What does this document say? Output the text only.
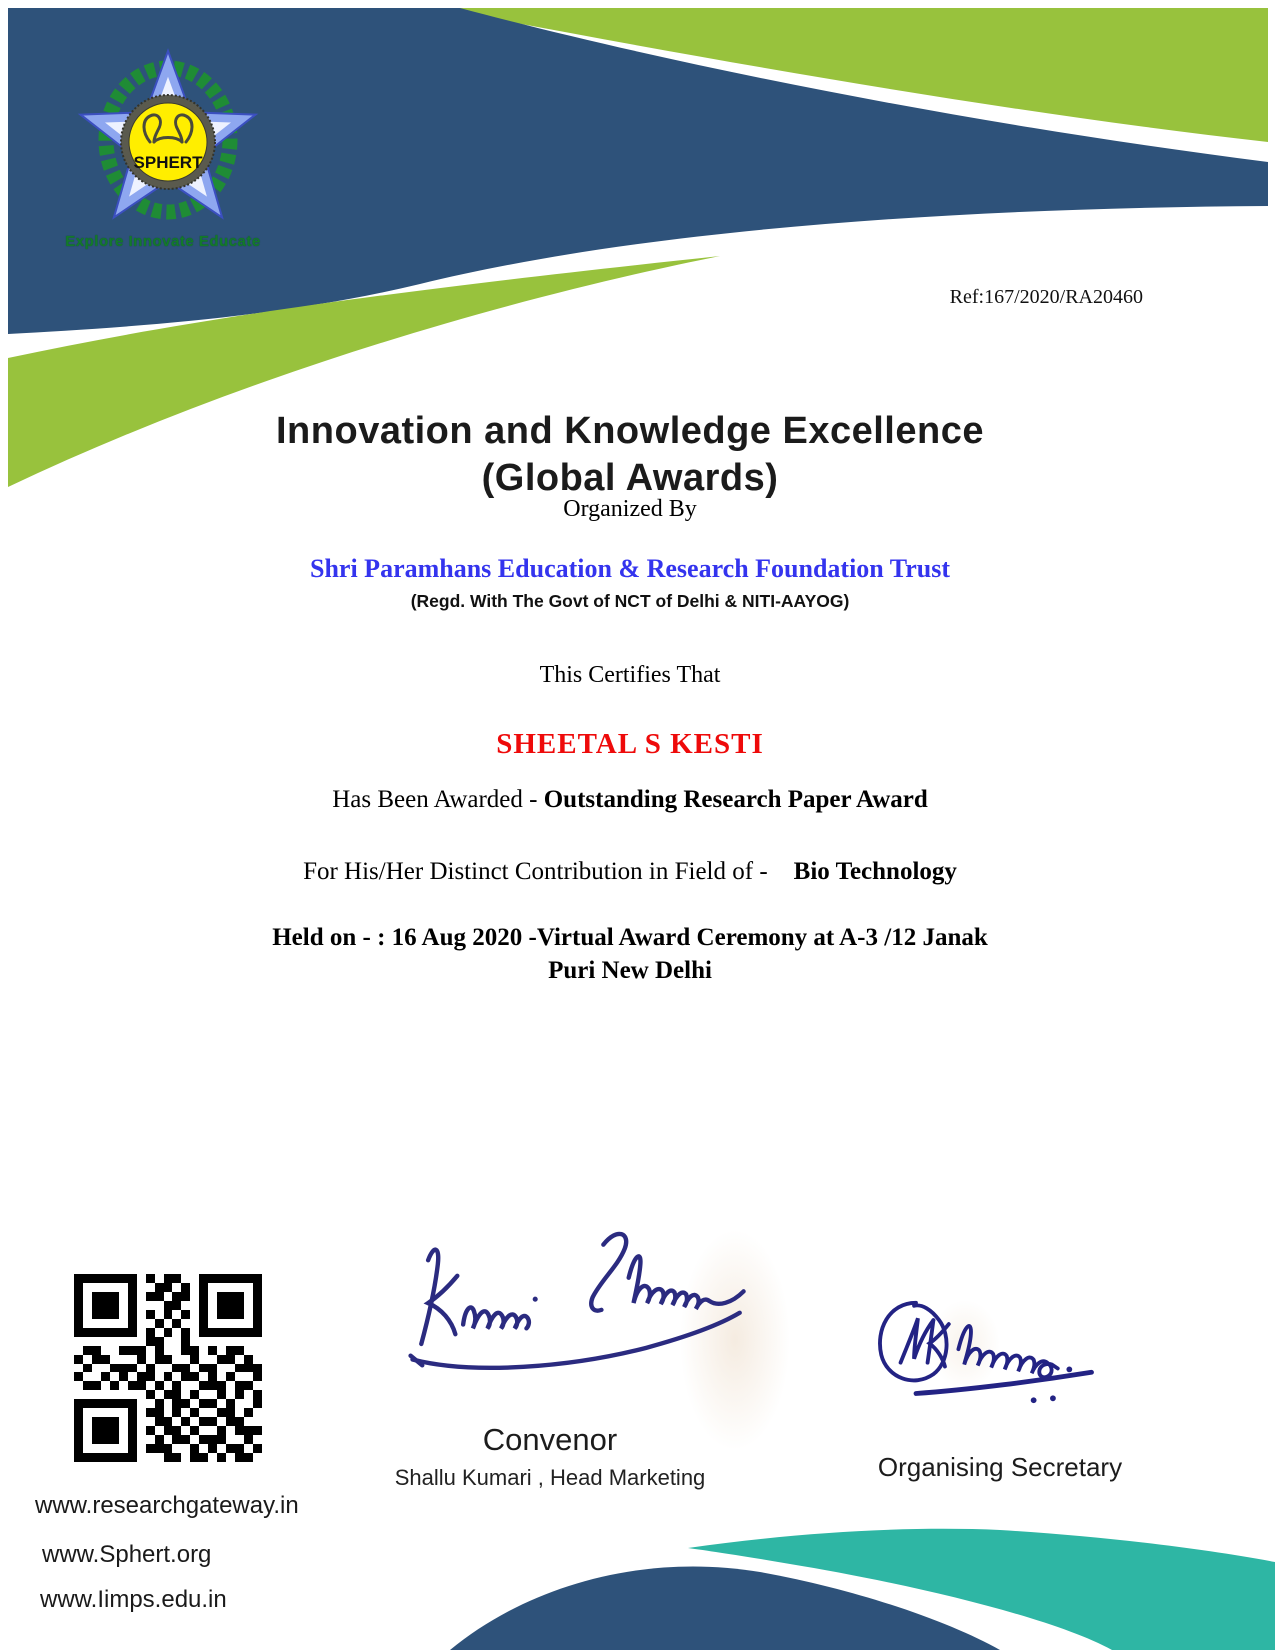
SPHERT
Explore Innovate Educate
Ref:167/2020/RA20460
Innovation and Knowledge Excellence
(Global Awards)
Organized By
Shri Paramhans Education & Research Foundation Trust
(Regd. With The Govt of NCT of Delhi & NITI-AAYOG)
This Certifies That
SHEETAL S KESTI
Has Been Awarded - Outstanding Research Paper Award
For His/Her Distinct Contribution in Field of - Bio Technology
Held on - : 16 Aug 2020 -Virtual Award Ceremony at A-3 /12 Janak
Puri New Delhi
Convenor
Shallu Kumari , Head Marketing	Organising Secretary
www.researchgateway.in
www.Sphert.org
www.Iimps.edu.in
